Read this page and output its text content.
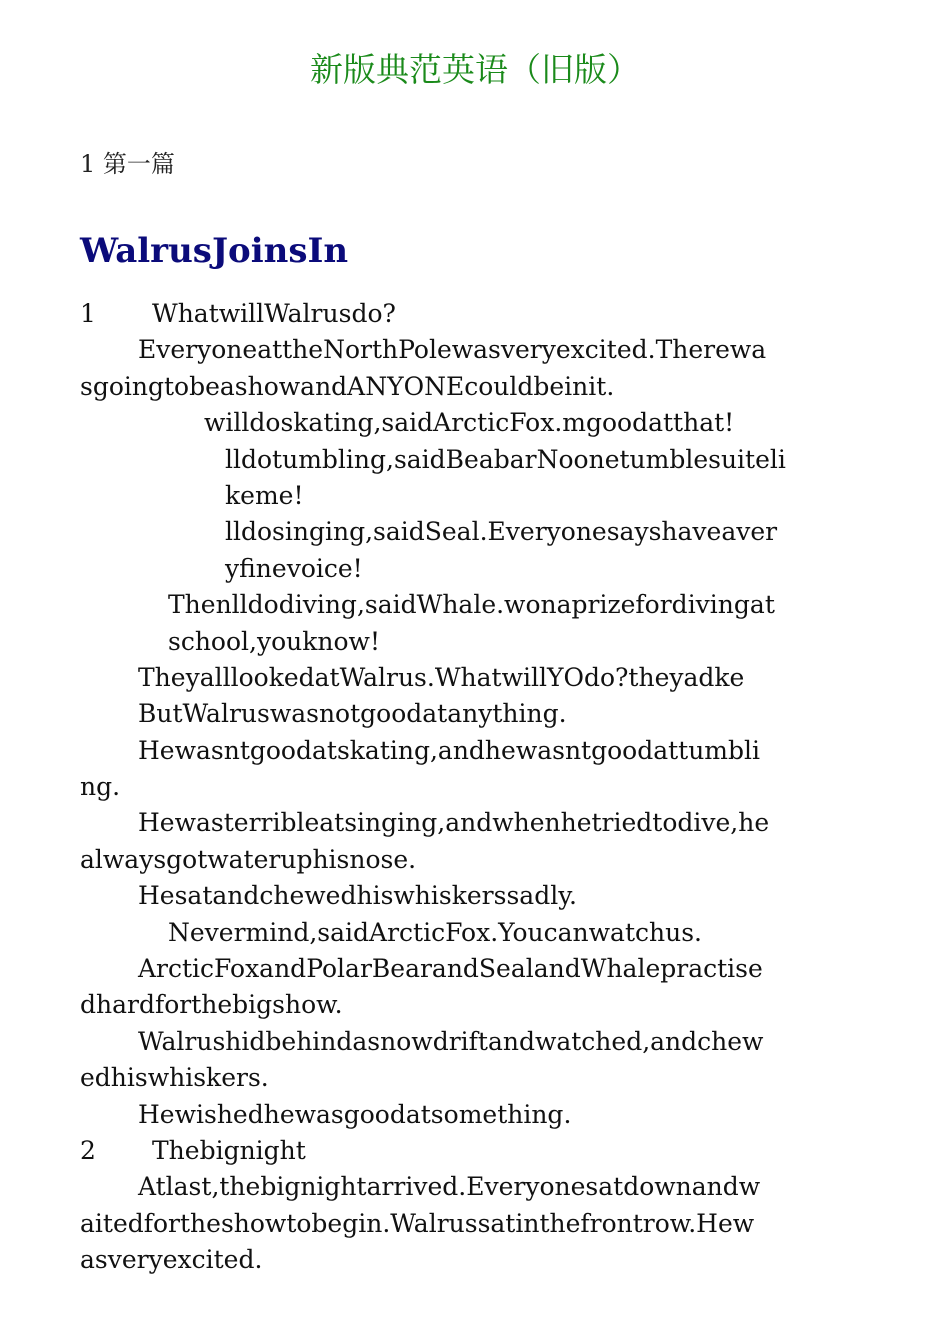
新版典范英语（旧版）

1 第一篇

WalrusJoinsIn

1 WhatwillWalrusdo?

EveryoneattheNorthPolewasveryexcited.Therewa

sgoingtobeashowandANYONEcouldbeinit.

willdoskating,saidArcticFox.mgoodatthat!

lldotumbling,saidBeabarNoonetumblesuiteli

keme!

lldosinging,saidSeal.Everyonesayshaveaver

yfinevoice!

Thenlldodiving,saidWhale.wonaprizefordivingat

school,youknow!

TheyalllookedatWalrus.WhatwillYOdo?theyadke

ButWalruswasnotgoodatanything.

Hewasntgoodatskating,andhewasntgoodattumbli

ng.

Hewasterribleatsinging,andwhenhetriedtodive,he

alwaysgotwateruphisnose.

Hesatandchewedhiswhiskerssadly.

Nevermind,saidArcticFox.Youcanwatchus.

ArcticFoxandPolarBearandSealandWhalepractise

dhardforthebigshow.

Walrushidbehindasnowdriftandwatched,andchew

edhiswhiskers.

Hewishedhewasgoodatsomething.

2 Thebignight

Atlast,thebignightarrived.Everyonesatdownandw

aitedfortheshowtobegin.Walrussatinthefrontrow.Hew

asveryexcited.
